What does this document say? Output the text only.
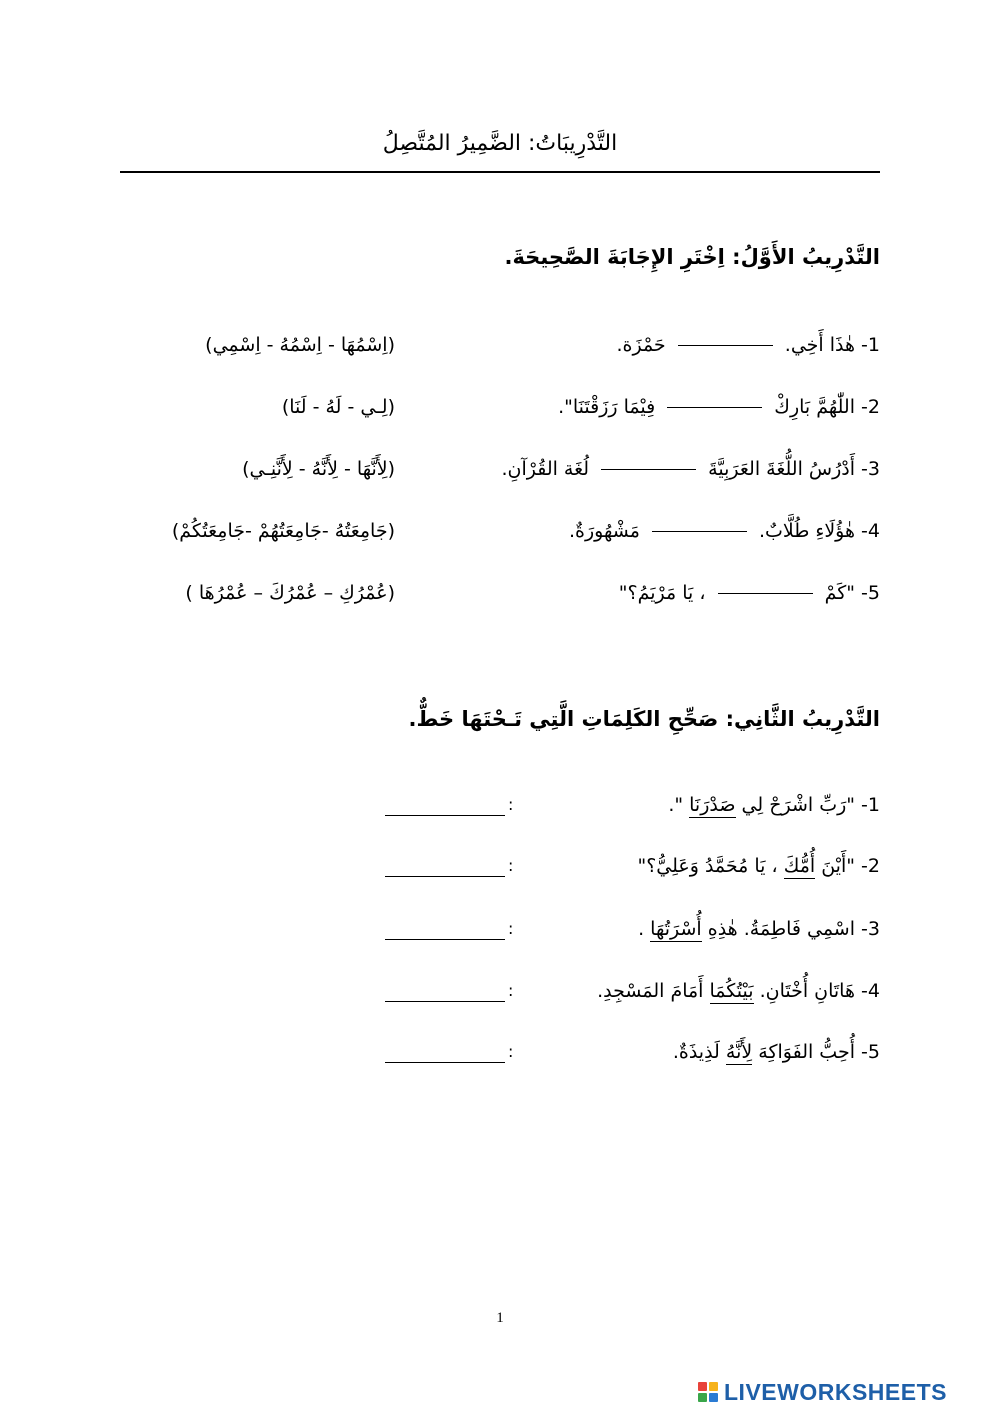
التَّدْرِيبَاتُ: الضَّمِيرُ المُتَّصِلُ
التَّدْرِيبُ الأَوَّلُ: اِخْتَرِ الإِجَابَةَ الصَّحِيحَةَ.
1- هٰذَا أَخِي.  حَمْزَة.
(اِسْمُهَا - اِسْمُهُ - اِسْمِي)
2- اللّٰهُمَّ بَارِكْ  فِيْمَا رَزَقْتَنَا".
(لِـي - لَهُ - لَنَا)
3- أَدْرُسُ اللُّغَةَ العَرَبِيَّةَ  لُغَة القُرْآنِ.
(لِأَنَّهَا - لِأَنَّهُ - لِأَنَّنِـي)
4- هٰؤُلَاءِ طُلَّابٌ.  مَشْهُورَةٌ.
(جَامِعَتُهُ -جَامِعَتُهُمْ -جَامِعَتُكُمْ)
5- "كَمْ  ، يَا مَرْيَمُ؟"
(عُمْرُكِ – عُمْرُكَ – عُمْرُهَا )
التَّدْرِيبُ الثَّانِي: صَحِّحِ الكَلِمَاتِ الَّتِي تَـحْتَهَا خَطٌّ.
1- "رَبِّ اشْرَحْ لِي صَدْرَنَا ".
:
2- "أَيْنَ أُمُّكَ ، يَا مُحَمَّدُ وَعَلِيُّ؟"
:
3- اسْمِي فَاطِمَةُ. هٰذِهِ أُسْرَتُهَا .
:
4- هَاتَانِ أُخْتَانِ. بَيْتُكُمَا أَمَامَ المَسْجِدِ.
:
5- أُحِبُّ الفَوَاكِهَ لِأَنَّهُ لَذِيذَةٌ.
:
1
LIVEWORKSHEETS
